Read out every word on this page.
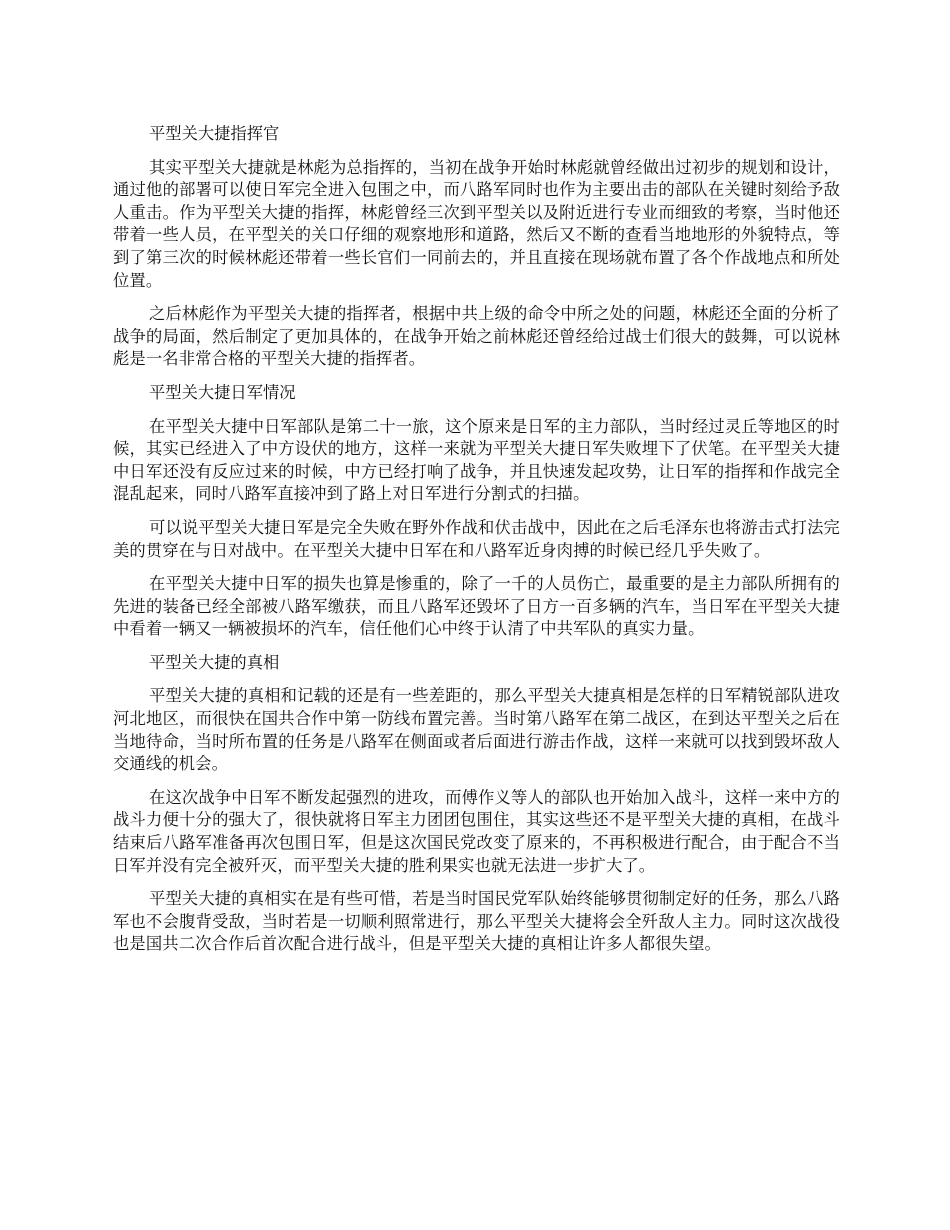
平型关大捷指挥官

其实平型关大捷就是林彪为总指挥的，当初在战争开始时林彪就曾经做出过初步的规划和设计，通过他的部署可以使日军完全进入包围之中，而八路军同时也作为主要出击的部队在关键时刻给予敌人重击。作为平型关大捷的指挥，林彪曾经三次到平型关以及附近进行专业而细致的考察，当时他还带着一些人员，在平型关的关口仔细的观察地形和道路，然后又不断的查看当地地形的外貌特点，等到了第三次的时候林彪还带着一些长官们一同前去的，并且直接在现场就布置了各个作战地点和所处位置。

之后林彪作为平型关大捷的指挥者，根据中共上级的命令中所之处的问题，林彪还全面的分析了战争的局面，然后制定了更加具体的，在战争开始之前林彪还曾经给过战士们很大的鼓舞，可以说林彪是一名非常合格的平型关大捷的指挥者。

平型关大捷日军情况

在平型关大捷中日军部队是第二十一旅，这个原来是日军的主力部队，当时经过灵丘等地区的时候，其实已经进入了中方设伏的地方，这样一来就为平型关大捷日军失败埋下了伏笔。在平型关大捷中日军还没有反应过来的时候，中方已经打响了战争，并且快速发起攻势，让日军的指挥和作战完全混乱起来，同时八路军直接冲到了路上对日军进行分割式的扫描。

可以说平型关大捷日军是完全失败在野外作战和伏击战中，因此在之后毛泽东也将游击式打法完美的贯穿在与日对战中。在平型关大捷中日军在和八路军近身肉搏的时候已经几乎失败了。

在平型关大捷中日军的损失也算是惨重的，除了一千的人员伤亡，最重要的是主力部队所拥有的先进的装备已经全部被八路军缴获，而且八路军还毁坏了日方一百多辆的汽车，当日军在平型关大捷中看着一辆又一辆被损坏的汽车，信任他们心中终于认清了中共军队的真实力量。

平型关大捷的真相

平型关大捷的真相和记载的还是有一些差距的，那么平型关大捷真相是怎样的日军精锐部队进攻河北地区，而很快在国共合作中第一防线布置完善。当时第八路军在第二战区，在到达平型关之后在当地待命，当时所布置的任务是八路军在侧面或者后面进行游击作战，这样一来就可以找到毁坏敌人交通线的机会。

在这次战争中日军不断发起强烈的进攻，而傅作义等人的部队也开始加入战斗，这样一来中方的战斗力便十分的强大了，很快就将日军主力团团包围住，其实这些还不是平型关大捷的真相，在战斗结束后八路军准备再次包围日军，但是这次国民党改变了原来的，不再积极进行配合，由于配合不当日军并没有完全被歼灭，而平型关大捷的胜利果实也就无法进一步扩大了。

平型关大捷的真相实在是有些可惜，若是当时国民党军队始终能够贯彻制定好的任务，那么八路军也不会腹背受敌，当时若是一切顺利照常进行，那么平型关大捷将会全歼敌人主力。同时这次战役也是国共二次合作后首次配合进行战斗，但是平型关大捷的真相让许多人都很失望。
